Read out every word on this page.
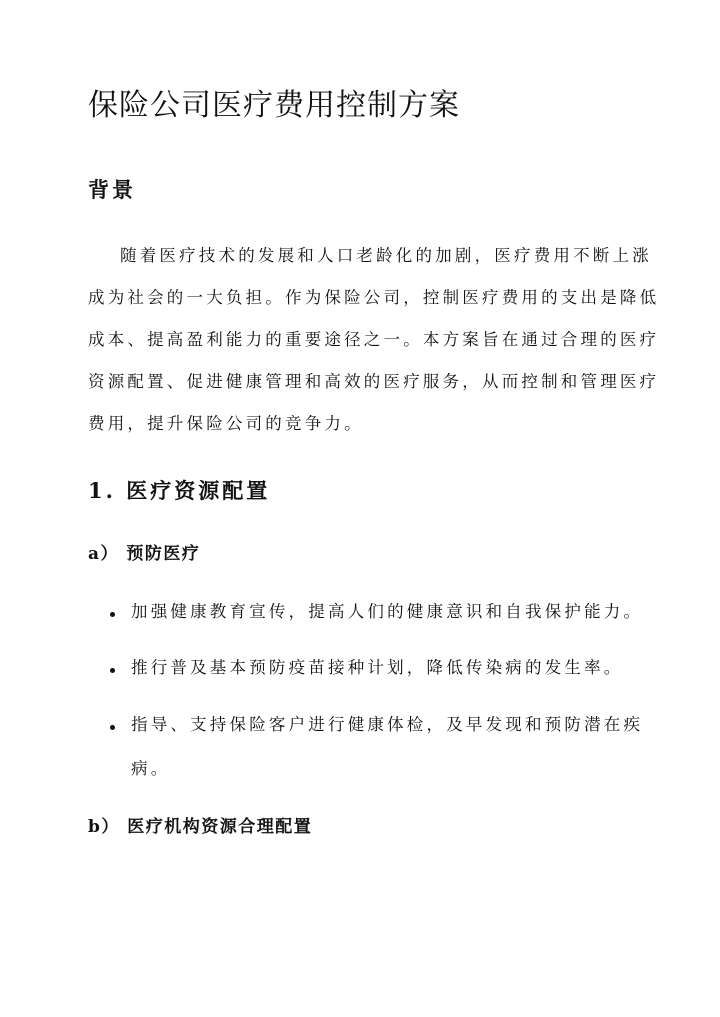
保险公司医疗费用控制方案
背景

随着医疗技术的发展和人口老龄化的加剧，医疗费用不断上涨

成为社会的一大负担。作为保险公司，控制医疗费用的支出是降低

成本、提高盈利能力的重要途径之一。本方案旨在通过合理的医疗

资源配置、促进健康管理和高效的医疗服务，从而控制和管理医疗

费用，提升保险公司的竞争力。

1. 医疗资源配置
a） 预防医疗

加强健康教育宣传，提高人们的健康意识和自我保护能力。

推行普及基本预防疫苗接种计划，降低传染病的发生率。

指导、支持保险客户进行健康体检，及早发现和预防潜在疾

病。

b） 医疗机构资源合理配置
